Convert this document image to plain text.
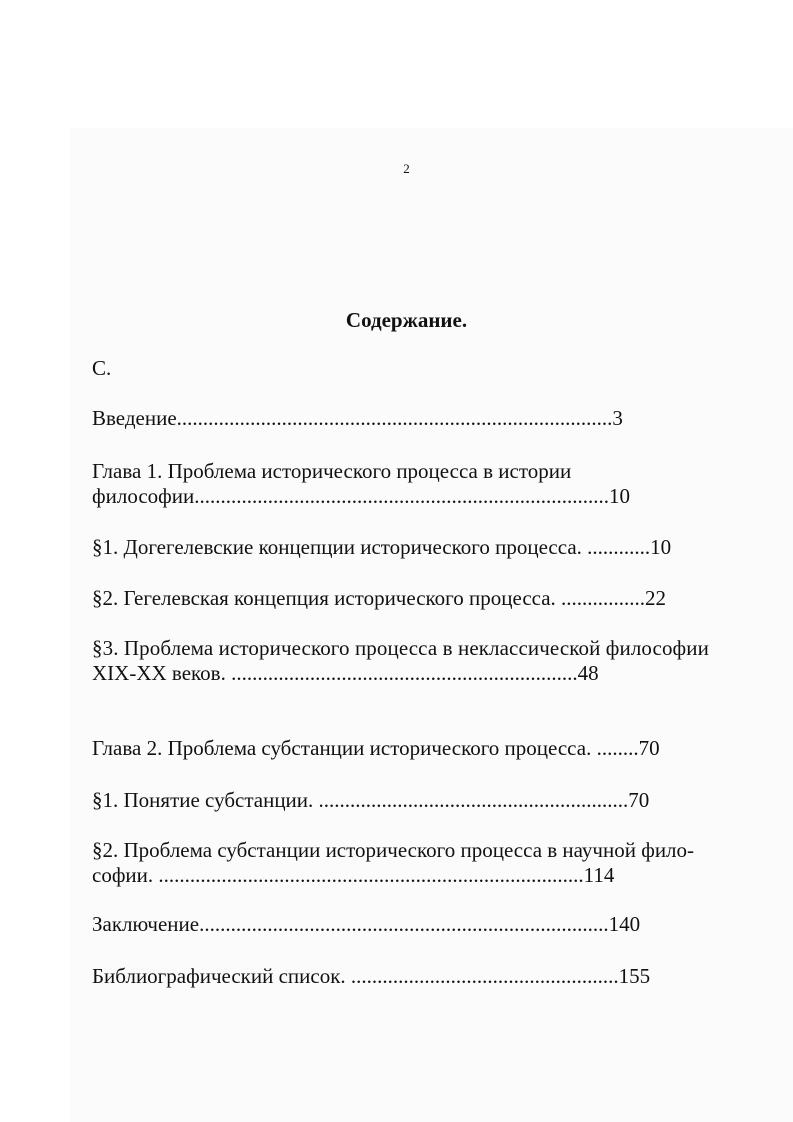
2
Содержание.
С.
Введение...................................................................................3
Глава 1. Проблема исторического процесса в истории
философии...............................................................................10
§1. Догегелевские концепции исторического процесса. ............10
§2. Гегелевская концепция исторического процесса. ................22
§3. Проблема исторического процесса в неклассической философии
XIX-XX веков. ..................................................................48
Глава 2. Проблема субстанции исторического процесса. ........70
§1. Понятие субстанции. ...........................................................70
§2. Проблема субстанции исторического процесса в научной фило-
софии. .................................................................................114
Заключение..............................................................................140
Библиографический список. ...................................................155
